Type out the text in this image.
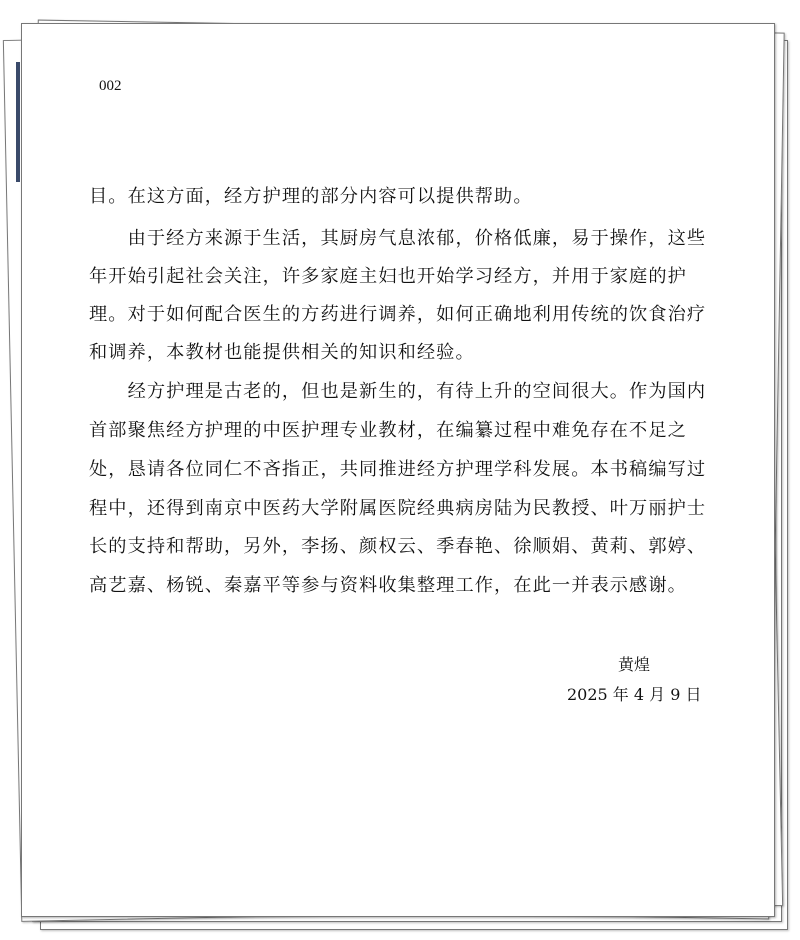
002
目。在这方面，经方护理的部分内容可以提供帮助。
　　由于经方来源于生活，其厨房气息浓郁，价格低廉，易于操作，这些
年开始引起社会关注，许多家庭主妇也开始学习经方，并用于家庭的护
理。对于如何配合医生的方药进行调养，如何正确地利用传统的饮食治疗
和调养，本教材也能提供相关的知识和经验。
　　经方护理是古老的，但也是新生的，有待上升的空间很大。作为国内
首部聚焦经方护理的中医护理专业教材，在编纂过程中难免存在不足之
处，恳请各位同仁不吝指正，共同推进经方护理学科发展。本书稿编写过
程中，还得到南京中医药大学附属医院经典病房陆为民教授、叶万丽护士
长的支持和帮助，另外，李扬、颜权云、季春艳、徐顺娟、黄莉、郭婷、
高艺嘉、杨锐、秦嘉平等参与资料收集整理工作，在此一并表示感谢。
黄煌
2025 年 4 月 9 日
